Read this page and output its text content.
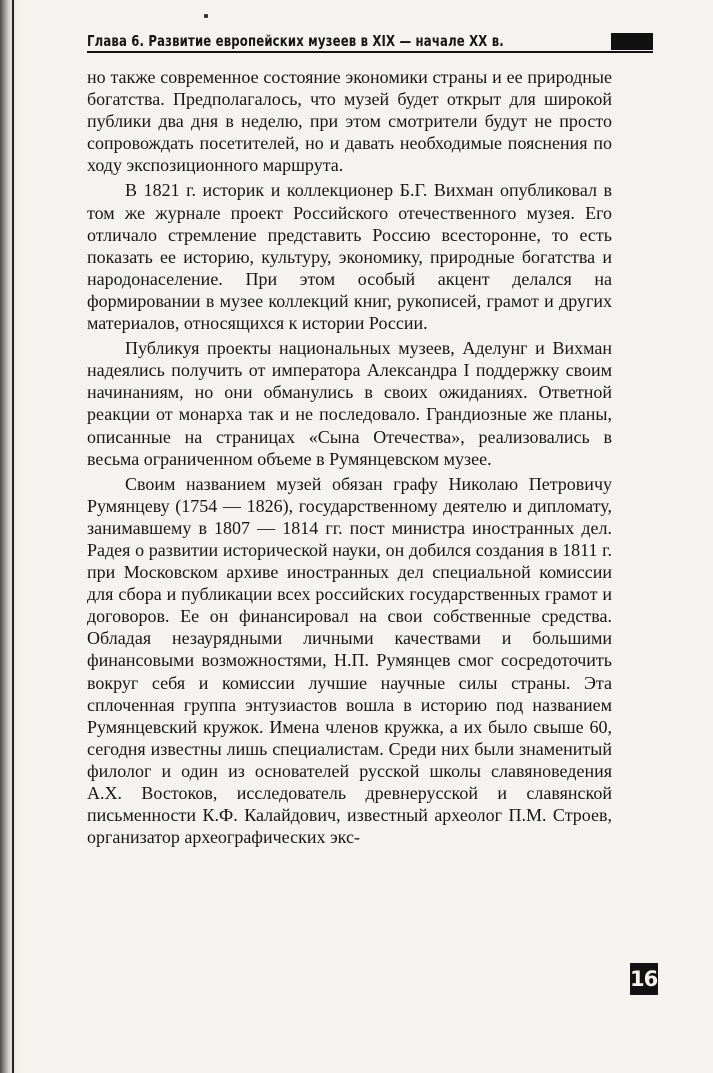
Глава 6. Развитие европейских музеев в XIX — начале XX в.

но также современное состояние экономики страны и ее природные богатства. Предполагалось, что музей будет открыт для широкой публики два дня в неделю, при этом смотрители будут не просто сопровождать посетителей, но и давать необходимые пояснения по ходу экспозиционного маршрута.

В 1821 г. историк и коллекционер Б.Г. Вихман опубликовал в том же журнале проект Российского отечественного музея. Его отличало стремление представить Россию всесторонне, то есть показать ее историю, культуру, экономику, природные богатства и народонаселение. При этом особый акцент делался на формировании в музее коллекций книг, рукописей, грамот и других материалов, относящихся к истории России.

Публикуя проекты национальных музеев, Аделунг и Вихман надеялись получить от императора Александра I поддержку своим начинаниям, но они обманулись в своих ожиданиях. Ответной реакции от монарха так и не последовало. Грандиозные же планы, описанные на страницах «Сына Отечества», реализовались в весьма ограниченном объеме в Румянцевском музее.

Своим названием музей обязан графу Николаю Петровичу Румянцеву (1754 — 1826), государственному деятелю и дипломату, занимавшему в 1807 — 1814 гг. пост министра иностранных дел. Радея о развитии исторической науки, он добился создания в 1811 г. при Московском архиве иностранных дел специальной комиссии для сбора и публикации всех российских государственных грамот и договоров. Ее он финансировал на свои собственные средства. Обладая незаурядными личными качествами и большими финансовыми возможностями, Н.П. Румянцев смог сосредоточить вокруг себя и комиссии лучшие научные силы страны. Эта сплоченная группа энтузиастов вошла в историю под названием Румянцевский кружок. Имена членов кружка, а их было свыше 60, сегодня известны лишь специалистам. Среди них были знаменитый филолог и один из основателей русской школы славяноведения А.Х. Востоков, исследователь древнерусской и славянской письменности К.Ф. Калайдович, известный археолог П.М. Строев, организатор археографических экс-

161
